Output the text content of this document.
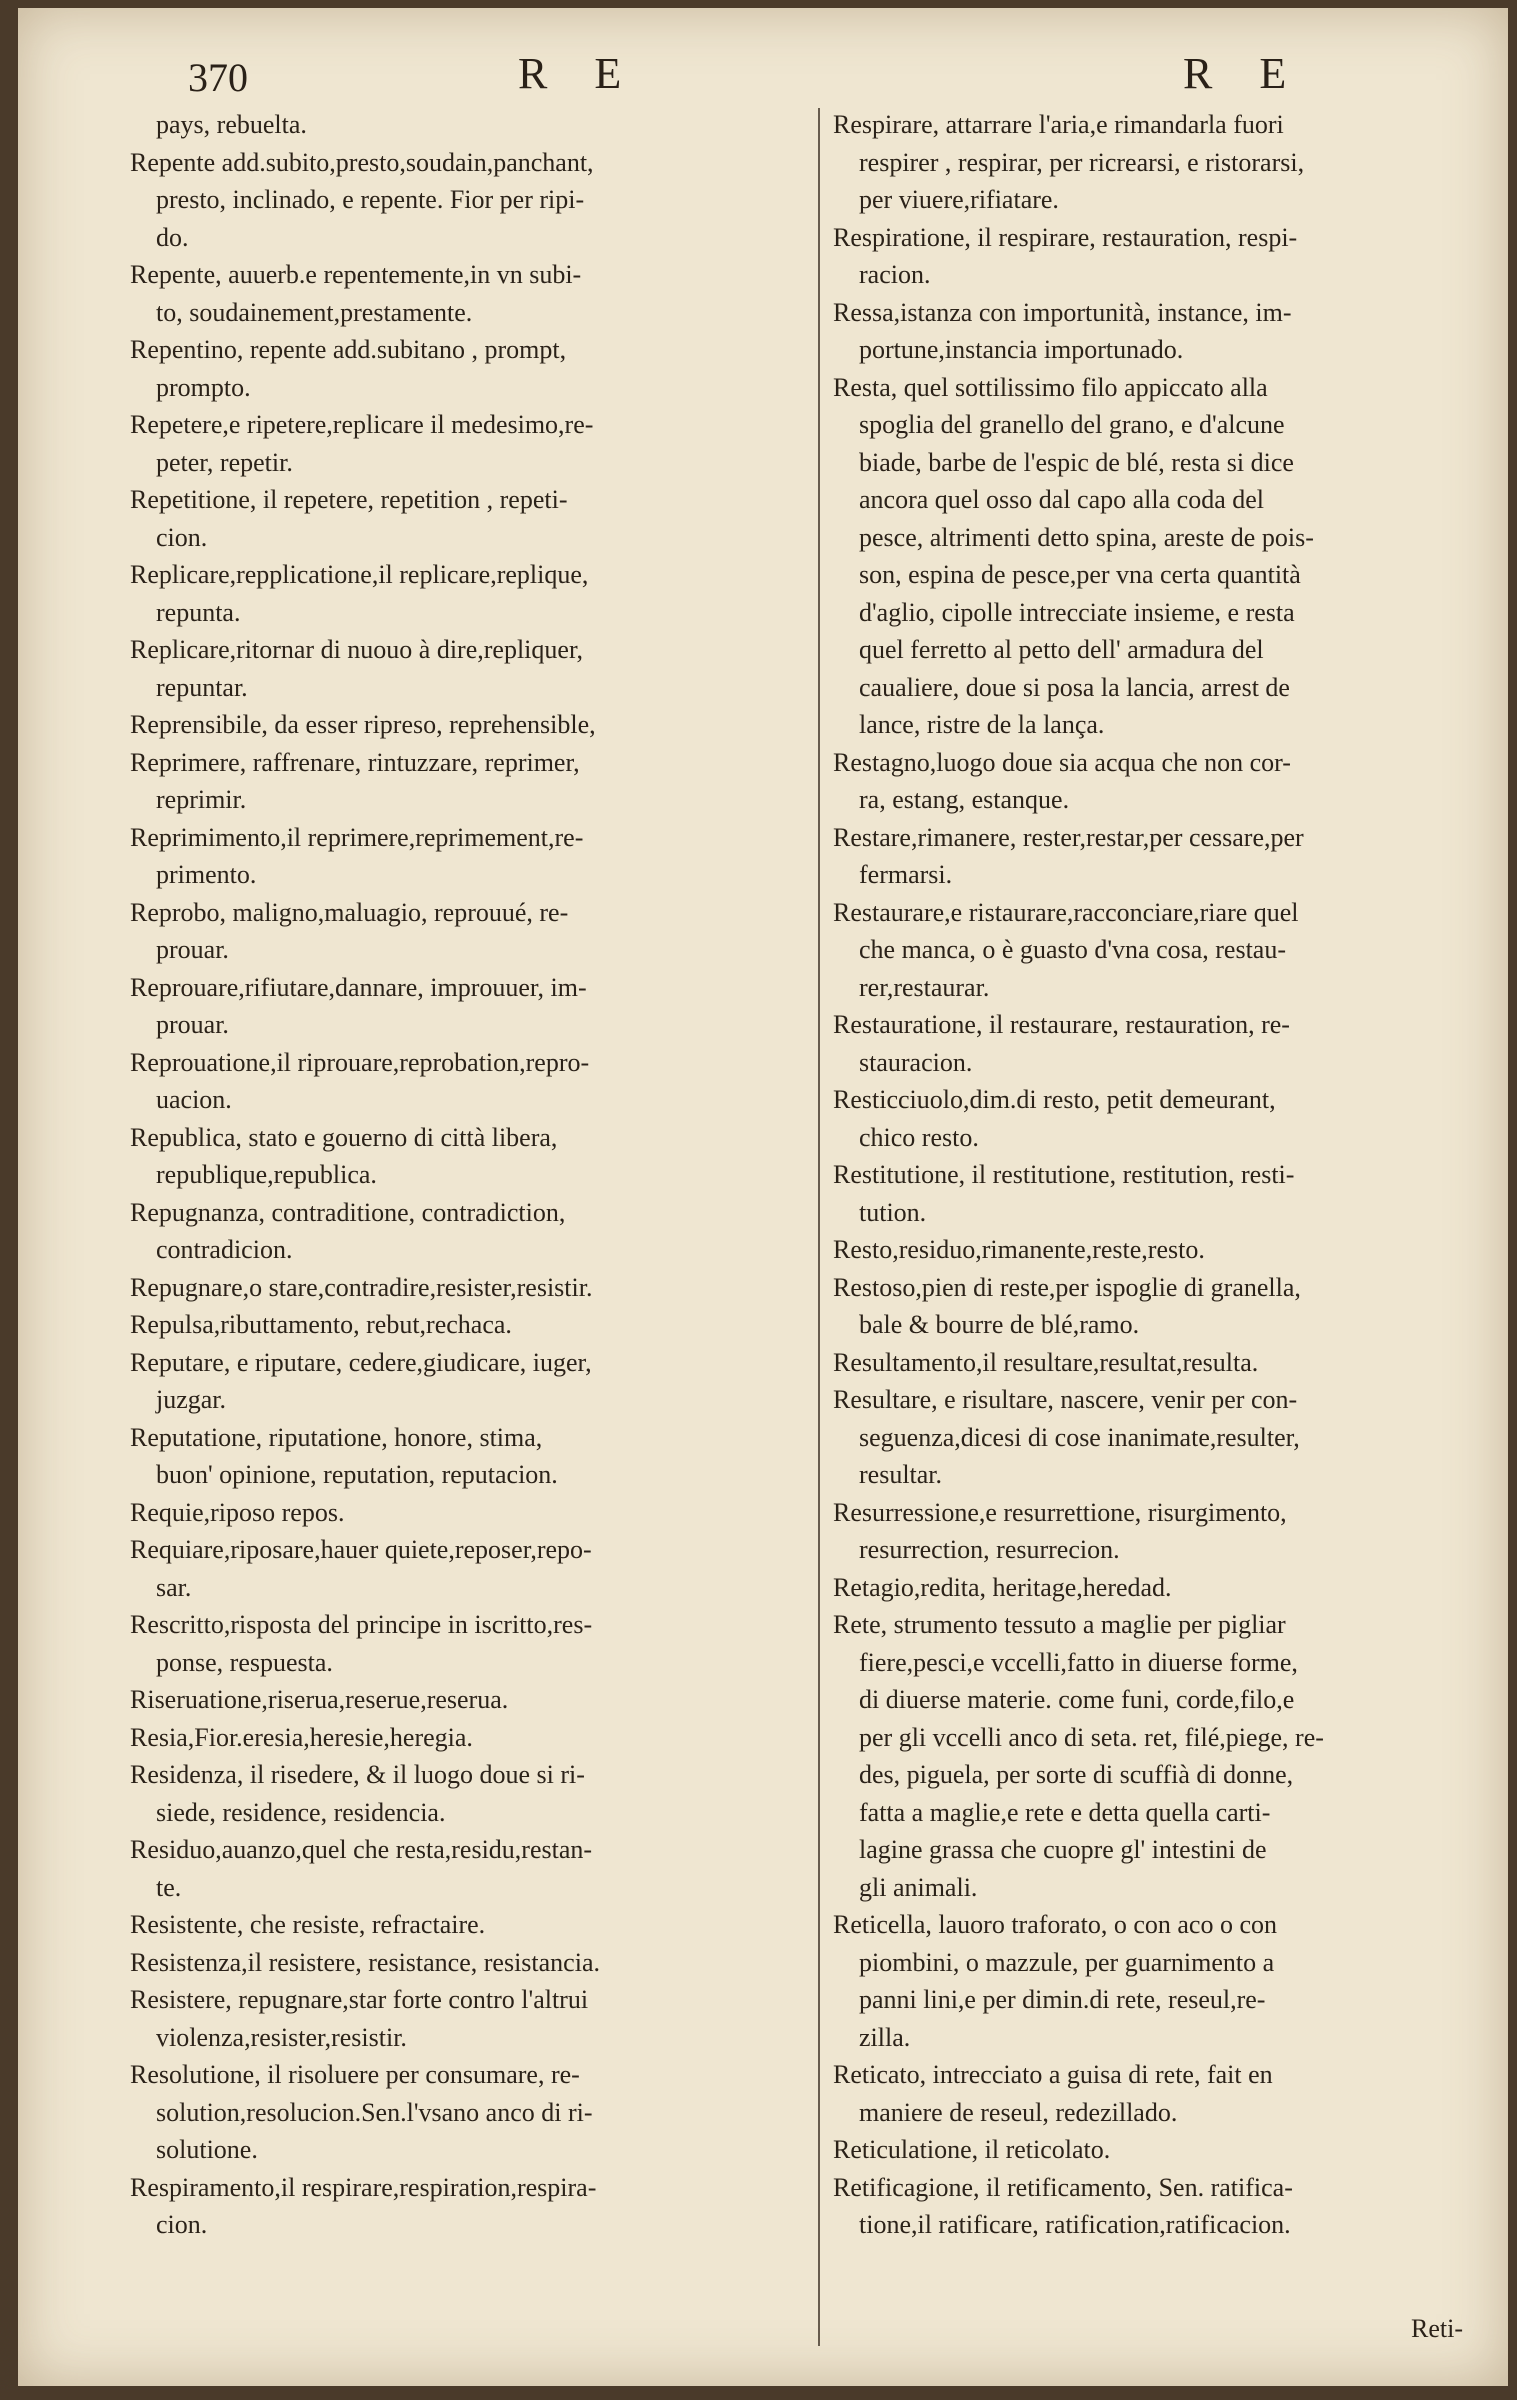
370	R E	R E

pays, rebuelta.

Repente add.subito,presto,soudain,panchant,

presto, inclinado, e repente. Fior per ripi-

do.

Repente, auuerb.e repentemente,in vn subi-

to, soudainement,prestamente.

Repentino, repente add.subitano , prompt,

prompto.

Repetere,e ripetere,replicare il medesimo,re-

peter, repetir.

Repetitione, il repetere, repetition , repeti-

cion.

Replicare,repplicatione,il replicare,replique,

repunta.

Replicare,ritornar di nuouo à dire,repliquer,

repuntar.

Reprensibile, da esser ripreso, reprehensible,

Reprimere, raffrenare, rintuzzare, reprimer,

reprimir.

Reprimimento,il reprimere,reprimement,re-

primento.

Reprobo, maligno,maluagio, reprouué, re-

prouar.

Reprouare,rifiutare,dannare, improuuer, im-

prouar.

Reprouatione,il riprouare,reprobation,repro-

uacion.

Republica, stato e gouerno di città libera,

republique,republica.

Repugnanza, contraditione, contradiction,

contradicion.

Repugnare,o stare,contradire,resister,resistir.

Repulsa,ributtamento, rebut,rechaca.

Reputare, e riputare, cedere,giudicare, iuger,

juzgar.

Reputatione, riputatione, honore, stima,

buon' opinione, reputation, reputacion.

Requie,riposo repos.

Requiare,riposare,hauer quiete,reposer,repo-

sar.

Rescritto,risposta del principe in iscritto,res-

ponse, respuesta.

Riseruatione,riserua,reserue,reserua.

Resia,Fior.eresia,heresie,heregia.

Residenza, il risedere, & il luogo doue si ri-

siede, residence, residencia.

Residuo,auanzo,quel che resta,residu,restan-

te.

Resistente, che resiste, refractaire.

Resistenza,il resistere, resistance, resistancia.

Resistere, repugnare,star forte contro l'altrui

violenza,resister,resistir.

Resolutione, il risoluere per consumare, re-

solution,resolucion.Sen.l'vsano anco di ri-

solutione.

Respiramento,il respirare,respiration,respira-

cion.

Respirare, attarrare l'aria,e rimandarla fuori

respirer , respirar, per ricrearsi, e ristorarsi,

per viuere,rifiatare.

Respiratione, il respirare, restauration, respi-

racion.

Ressa,istanza con importunità, instance, im-

portune,instancia importunado.

Resta, quel sottilissimo filo appiccato alla

spoglia del granello del grano, e d'alcune

biade, barbe de l'espic de blé, resta si dice

ancora quel osso dal capo alla coda del

pesce, altrimenti detto spina, areste de pois-

son, espina de pesce,per vna certa quantità

d'aglio, cipolle intrecciate insieme, e resta

quel ferretto al petto dell' armadura del

caualiere, doue si posa la lancia, arrest de

lance, ristre de la lança.

Restagno,luogo doue sia acqua che non cor-

ra, estang, estanque.

Restare,rimanere, rester,restar,per cessare,per

fermarsi.

Restaurare,e ristaurare,racconciare,riare quel

che manca, o è guasto d'vna cosa, restau-

rer,restaurar.

Restauratione, il restaurare, restauration, re-

stauracion.

Resticciuolo,dim.di resto, petit demeurant,

chico resto.

Restitutione, il restitutione, restitution, resti-

tution.

Resto,residuo,rimanente,reste,resto.

Restoso,pien di reste,per ispoglie di granella,

bale & bourre de blé,ramo.

Resultamento,il resultare,resultat,resulta.

Resultare, e risultare, nascere, venir per con-

seguenza,dicesi di cose inanimate,resulter,

resultar.

Resurressione,e resurrettione, risurgimento,

resurrection, resurrecion.

Retagio,redita, heritage,heredad.

Rete, strumento tessuto a maglie per pigliar

fiere,pesci,e vccelli,fatto in diuerse forme,

di diuerse materie. come funi, corde,filo,e

per gli vccelli anco di seta. ret, filé,piege, re-

des, piguela, per sorte di scuffià di donne,

fatta a maglie,e rete e detta quella carti-

lagine grassa che cuopre gl' intestini de

gli animali.

Reticella, lauoro traforato, o con aco o con

piombini, o mazzule, per guarnimento a

panni lini,e per dimin.di rete, reseul,re-

zilla.

Reticato, intrecciato a guisa di rete, fait en

maniere de reseul, redezillado.

Reticulatione, il reticolato.

Retificagione, il retificamento, Sen. ratifica-

tione,il ratificare, ratification,ratificacion.

Reti-
